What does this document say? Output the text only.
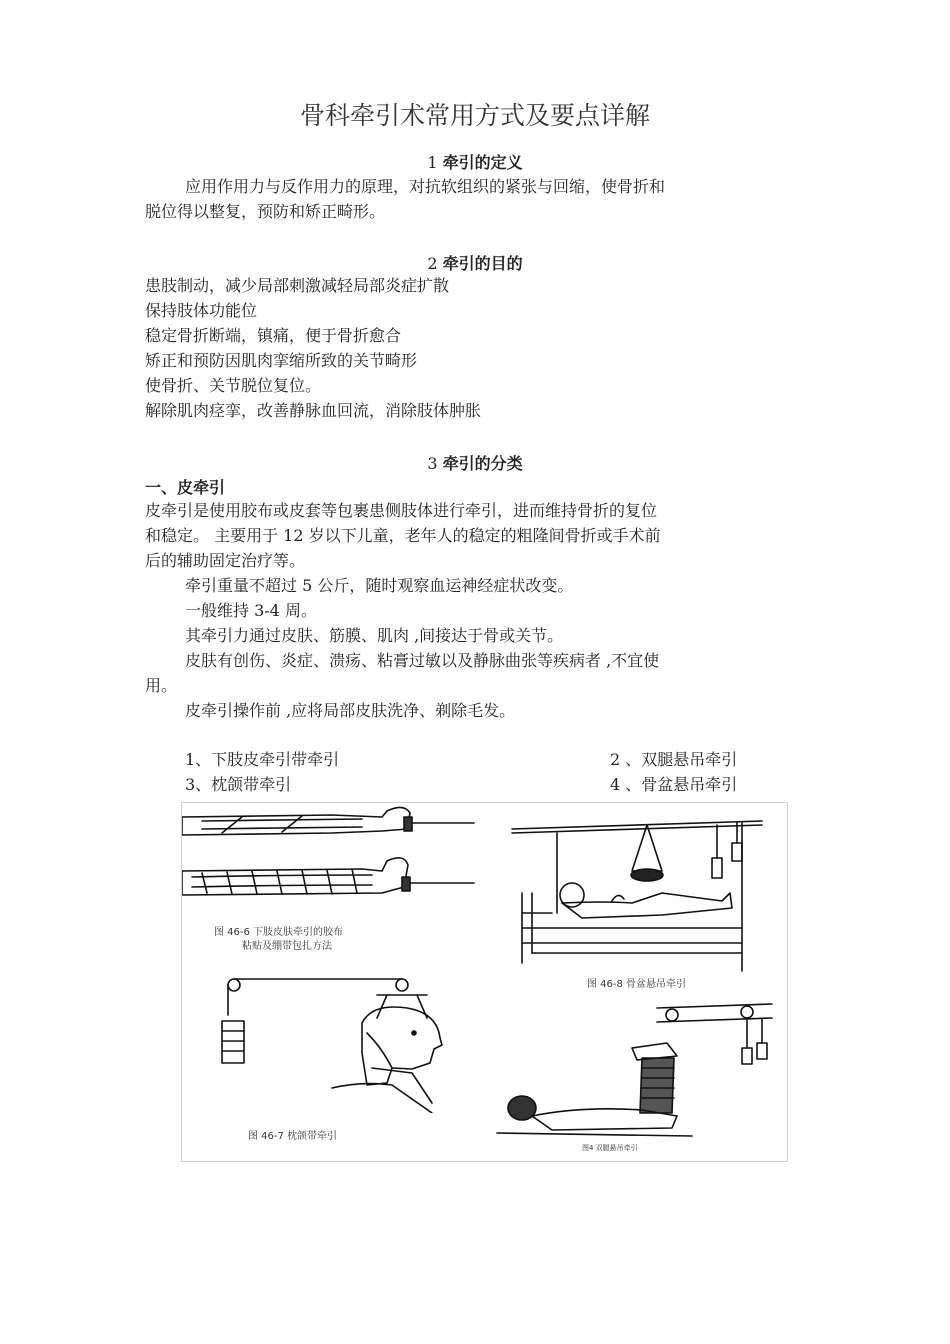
骨科牵引术常用方式及要点详解
1 牵引的定义
应用作用力与反作用力的原理，对抗软组织的紧张与回缩，使骨折和
脱位得以整复，预防和矫正畸形。
2 牵引的目的
患肢制动，减少局部刺激减轻局部炎症扩散
保持肢体功能位
稳定骨折断端，镇痛，便于骨折愈合
矫正和预防因肌肉挛缩所致的关节畸形
使骨折、关节脱位复位。
解除肌肉痉挛，改善静脉血回流，消除肢体肿胀
3 牵引的分类
一、皮牵引
皮牵引是使用胶布或皮套等包裹患侧肢体进行牵引，进而维持骨折的复位
和稳定。 主要用于 12 岁以下儿童，老年人的稳定的粗隆间骨折或手术前
后的辅助固定治疗等。
牵引重量不超过 5 公斤，随时观察血运神经症状改变。
一般维持 3-4 周。
其牵引力通过皮肤、筋膜、肌肉 ,间接达于骨或关节。
皮肤有创伤、炎症、溃疡、粘膏过敏以及静脉曲张等疾病者 ,不宜使
用。
皮牵引操作前 ,应将局部皮肤洗净、剃除毛发。
1、下肢皮牵引带牵引	2 、双腿悬吊牵引
3、枕颌带牵引	4 、骨盆悬吊牵引
图 46-6 下肢皮肤牵引的胶布
粘贴及绷带包扎方法
图 46-8 骨盆悬吊牵引
图 46-7 枕颌带牵引
图4 双腿悬吊牵引
